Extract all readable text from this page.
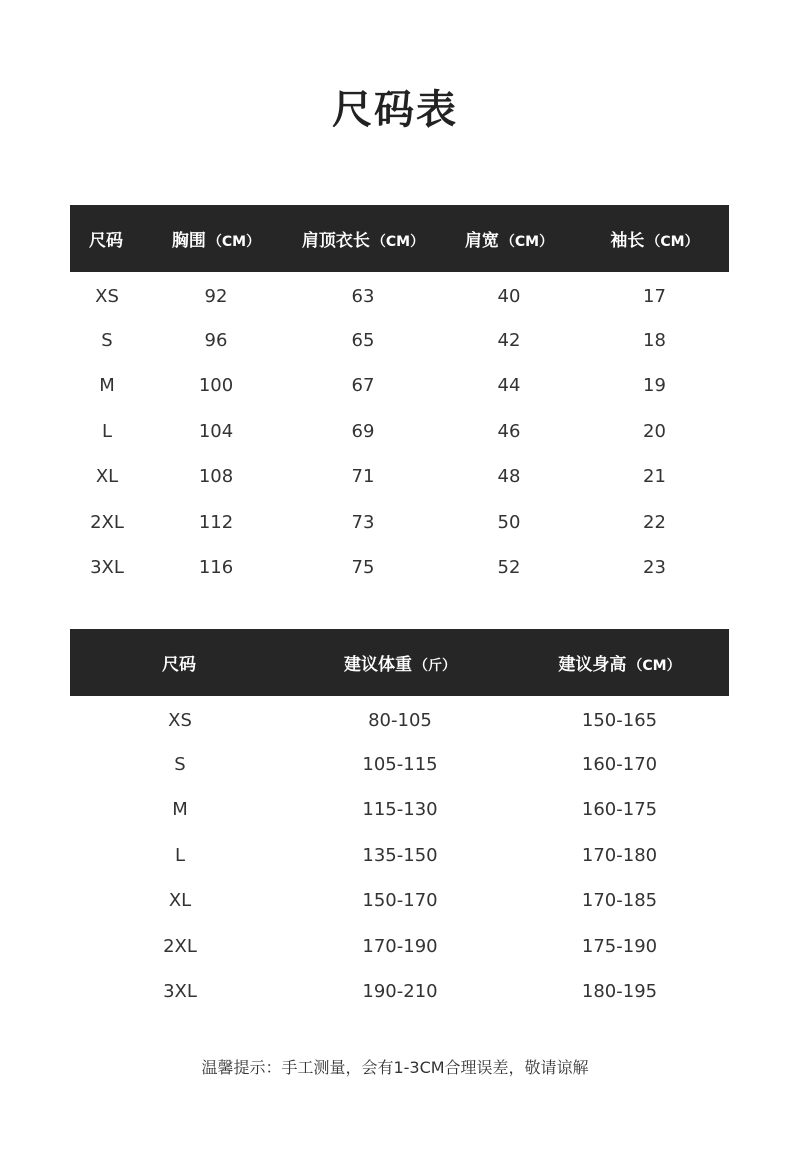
尺码表
尺码	胸围 （CM）	肩顶衣长 （CM）	肩宽 （CM）	袖长 （CM）
XS	92	63	40	17
S	96	65	42	18
M	100	67	44	19
L	104	69	46	20
XL	108	71	48	21
2XL	112	73	50	22
3XL	116	75	52	23
尺码	建议体重 （斤）	建议身高 （CM）
XS	80-105	150-165
S	105-115	160-170
M	115-130	160-175
L	135-150	170-180
XL	150-170	170-185
2XL	170-190	175-190
3XL	190-210	180-195
温馨提示：手工测量，会有1-3CM合理误差，敬请谅解
